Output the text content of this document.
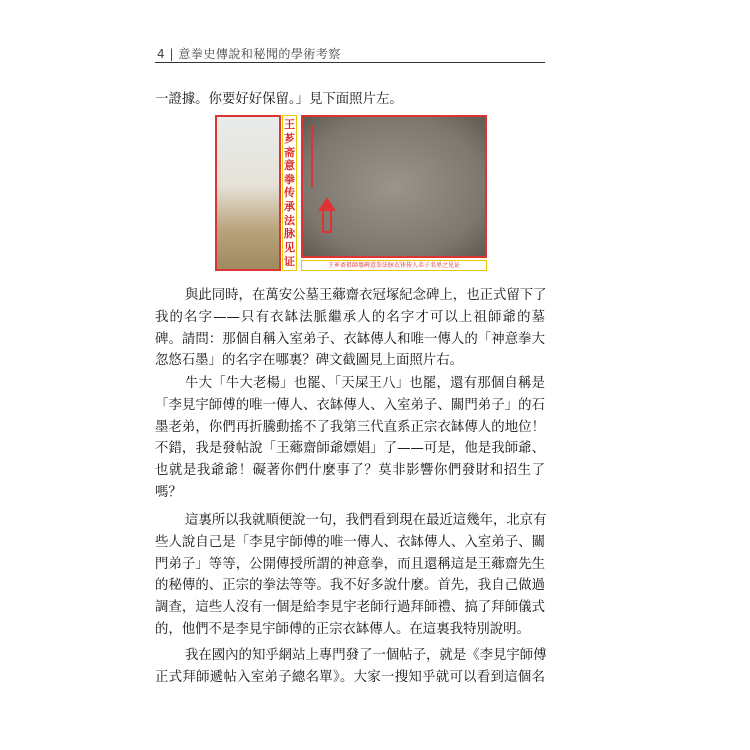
4 | 意拳史傳說和秘聞的學術考察
一證據。你要好好保留。」見下面照片左。
王
芗
斋
意
拳
传
承
法
脉
见
证	王芗斋祖師墓碑意拳法脉衣钵传人弟子名单之见证
與此同時，在萬安公墓王薌齋衣冠塚紀念碑上，也正式留下了
我的名字——只有衣缽法脈繼承人的名字才可以上祖師爺的墓
碑。請問：那個自稱入室弟子、衣缽傳人和唯一傳人的「神意拳大
忽悠石墨」的名字在哪裏？碑文截圖見上面照片右。
牛大「牛大老楊」也罷、「天屎王八」也罷，還有那個自稱是
「李見宇師傅的唯一傳人、衣缽傳人、入室弟子、關門弟子」的石
墨老弟，你們再折騰動搖不了我第三代直系正宗衣缽傳人的地位！
不錯，我是發帖說「王薌齋師爺嫖娼」了——可是，他是我師爺、
也就是我爺爺！礙著你們什麼事了？莫非影響你們發財和招生了
嗎？
這裏所以我就順便說一句，我們看到現在最近這幾年，北京有
些人說自己是「李見宇師傅的唯一傳人、衣缽傳人、入室弟子、關
門弟子」等等，公開傳授所謂的神意拳，而且還稱這是王薌齋先生
的秘傳的、正宗的拳法等等。我不好多說什麼。首先，我自己做過
調查，這些人沒有一個是給李見宇老師行過拜師禮、搞了拜師儀式
的，他們不是李見宇師傅的正宗衣缽傳人。在這裏我特別說明。
我在國內的知乎網站上專門發了一個帖子，就是《李見宇師傅
正式拜師遞帖入室弟子總名單》。大家一搜知乎就可以看到這個名
